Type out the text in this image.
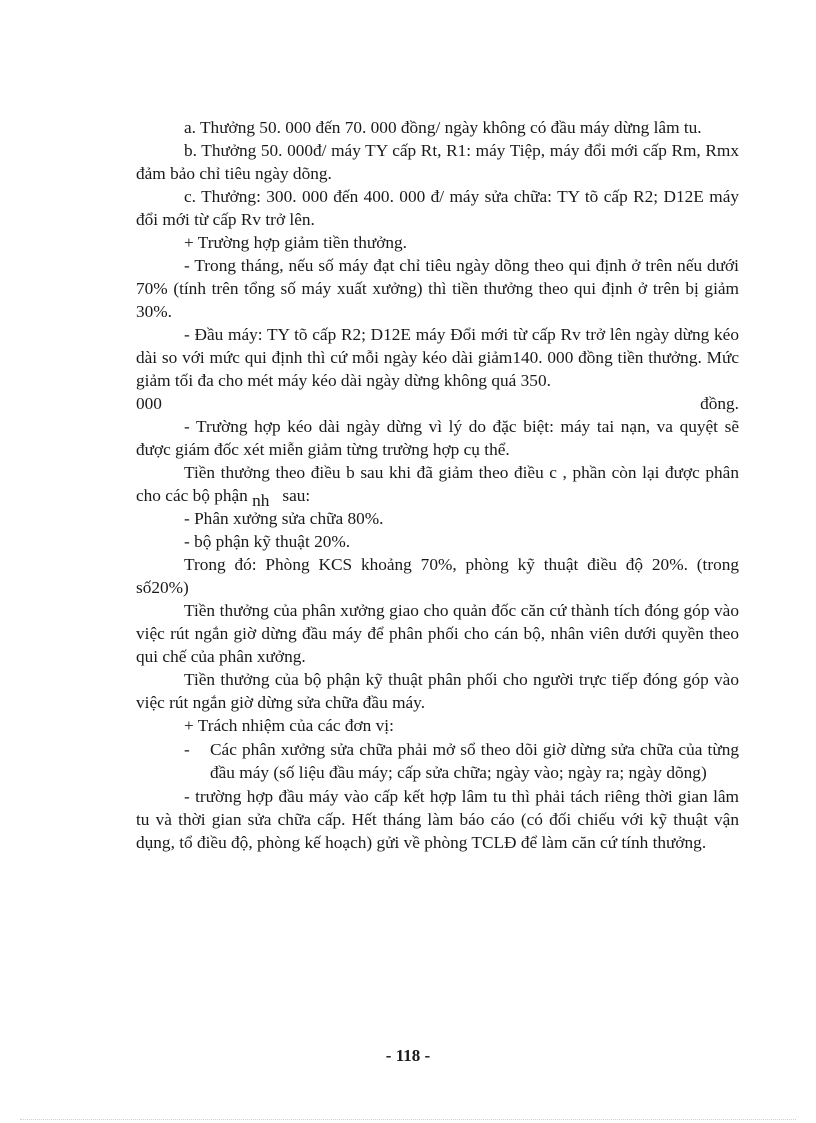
a. Thưởng 50. 000 đến 70. 000 đồng/ ngày không có đầu máy dừng lâm tu.

b. Thưởng 50. 000đ/ máy TY cấp Rt, R1: máy Tiệp, máy đổi mới cấp Rm, Rmx đảm bảo chỉ tiêu ngày dõng.

c. Thưởng: 300. 000 đến 400. 000 đ/ máy sửa chữa: TY tõ cấp R2; D12E máy đổi mới từ cấp Rv trở lên.

+ Trường hợp giảm tiền thưởng.

- Trong tháng, nếu số máy đạt chỉ tiêu ngày dõng theo qui định ở trên nếu dưới 70% (tính trên tổng số máy xuất xưởng) thì tiền thưởng theo qui định ở trên bị giảm 30%.

- Đầu máy: TY tõ cấp R2; D12E máy Đổi mới từ cấp Rv trở lên ngày dừng kéo dài so với mức qui định thì cứ mỗi ngày kéo dài giảm140. 000 đồng tiền thưởng. Mức giảm tối đa cho mét máy kéo dài ngày dừng không quá 350.

000	đồng.

- Trường hợp kéo dài ngày dừng vì lý do đặc biệt: máy tai nạn, va quyệt sẽ được giám đốc xét miễn giảm từng trường hợp cụ thể.

Tiền thưởng theo điều b sau khi đã giảm theo điều c , phần còn lại được phân cho các bộ phận nh sau:

- Phân xưởng sửa chữa 80%.

- bộ phận kỹ thuật 20%.

Trong đó: Phòng KCS khoảng 70%, phòng kỹ thuật điều độ 20%. (trong số20%)

Tiền thưởng của phân xưởng giao cho quản đốc căn cứ thành tích đóng góp vào việc rút ngắn giờ dừng đầu máy để phân phối cho cán bộ, nhân viên dưới quyền theo qui chế của phân xưởng.

Tiền thưởng của bộ phận kỹ thuật phân phối cho người trực tiếp đóng góp vào việc rút ngắn giờ dừng sửa chữa đầu máy.

+ Trách nhiệm của các đơn vị:

-	Các phân xưởng sửa chữa phải mở sổ theo dõi giờ dừng sửa chữa của từng đầu máy (số liệu đầu máy; cấp sửa chữa; ngày vào; ngày ra; ngày dõng)

- trường hợp đầu máy vào cấp kết hợp lâm tu thì phải tách riêng thời gian lâm tu và thời gian sửa chữa cấp. Hết tháng làm báo cáo (có đối chiếu với kỹ thuật vận dụng, tổ điều độ, phòng kế hoạch) gửi về phòng TCLĐ để làm căn cứ tính thưởng.

- 118 -
